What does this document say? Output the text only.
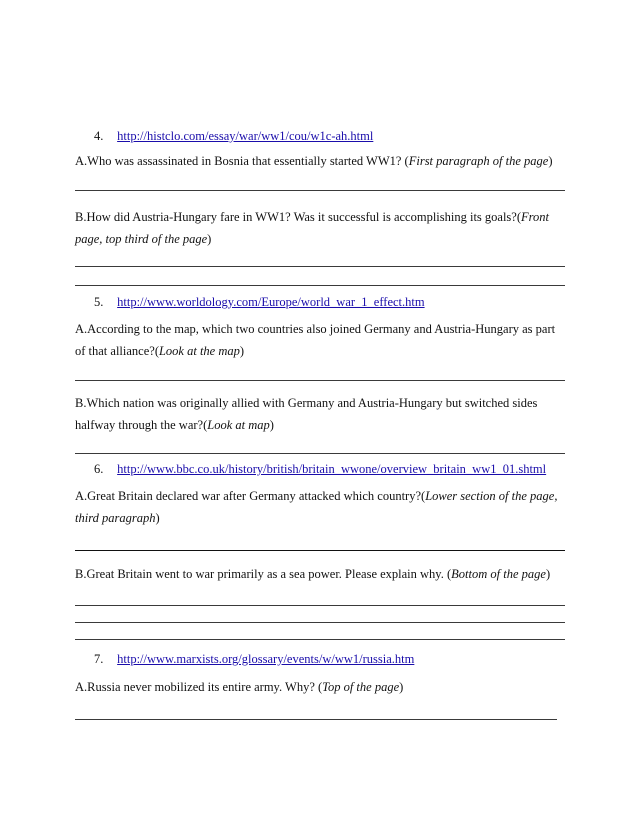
4. http://histclo.com/essay/war/ww1/cou/w1c-ah.html
A.Who was assassinated in Bosnia that essentially started WW1? (First paragraph of the page)
B.How did Austria-Hungary fare in WW1? Was it successful is accomplishing its goals?(Front page, top third of the page)
5. http://www.worldology.com/Europe/world_war_1_effect.htm
A.According to the map, which two countries also joined Germany and Austria-Hungary as part of that alliance?(Look at the map)
B.Which nation was originally allied with Germany and Austria-Hungary but switched sides halfway through the war?(Look at map)
6. http://www.bbc.co.uk/history/british/britain_wwone/overview_britain_ww1_01.shtml
A.Great Britain declared war after Germany attacked which country?(Lower section of the page, third paragraph)
B.Great Britain went to war primarily as a sea power. Please explain why. (Bottom of the page)
7. http://www.marxists.org/glossary/events/w/ww1/russia.htm
A.Russia never mobilized its entire army. Why? (Top of the page)
